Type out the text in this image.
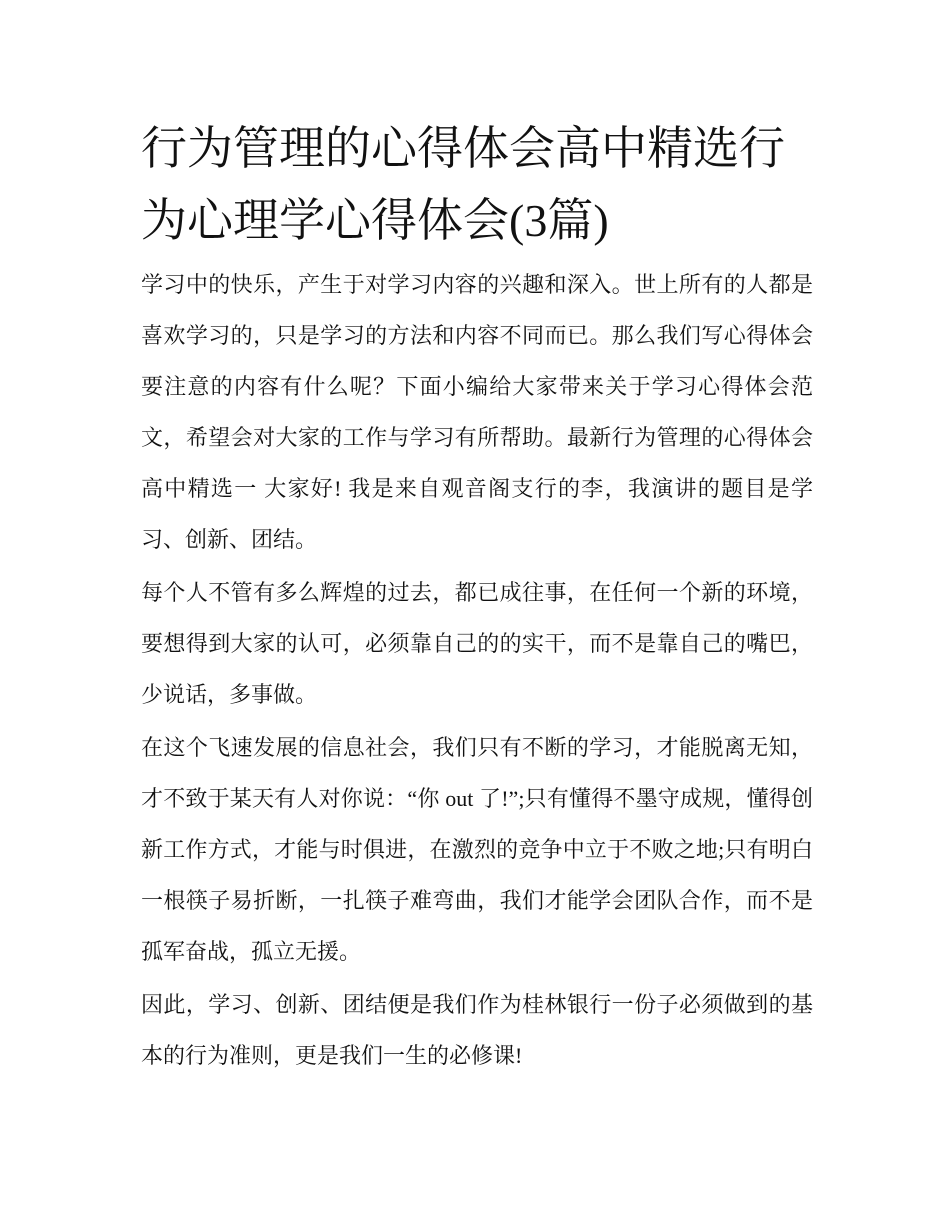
行为管理的心得体会高中精选行为心理学心得体会(3篇)

学习中的快乐，产生于对学习内容的兴趣和深入。世上所有的人都是喜欢学习的，只是学习的方法和内容不同而已。那么我们写心得体会要注意的内容有什么呢？下面小编给大家带来关于学习心得体会范文，希望会对大家的工作与学习有所帮助。最新行为管理的心得体会高中精选一 大家好! 我是来自观音阁支行的李，我演讲的题目是学习、创新、团结。

每个人不管有多么辉煌的过去，都已成往事，在任何一个新的环境，要想得到大家的认可，必须靠自己的的实干，而不是靠自己的嘴巴，少说话，多事做。

在这个飞速发展的信息社会，我们只有不断的学习，才能脱离无知，才不致于某天有人对你说：“你 out 了!”;只有懂得不墨守成规，懂得创新工作方式，才能与时俱进，在激烈的竞争中立于不败之地;只有明白一根筷子易折断，一扎筷子难弯曲，我们才能学会团队合作，而不是孤军奋战，孤立无援。

因此，学习、创新、团结便是我们作为桂林银行一份子必须做到的基本的行为准则，更是我们一生的必修课!
